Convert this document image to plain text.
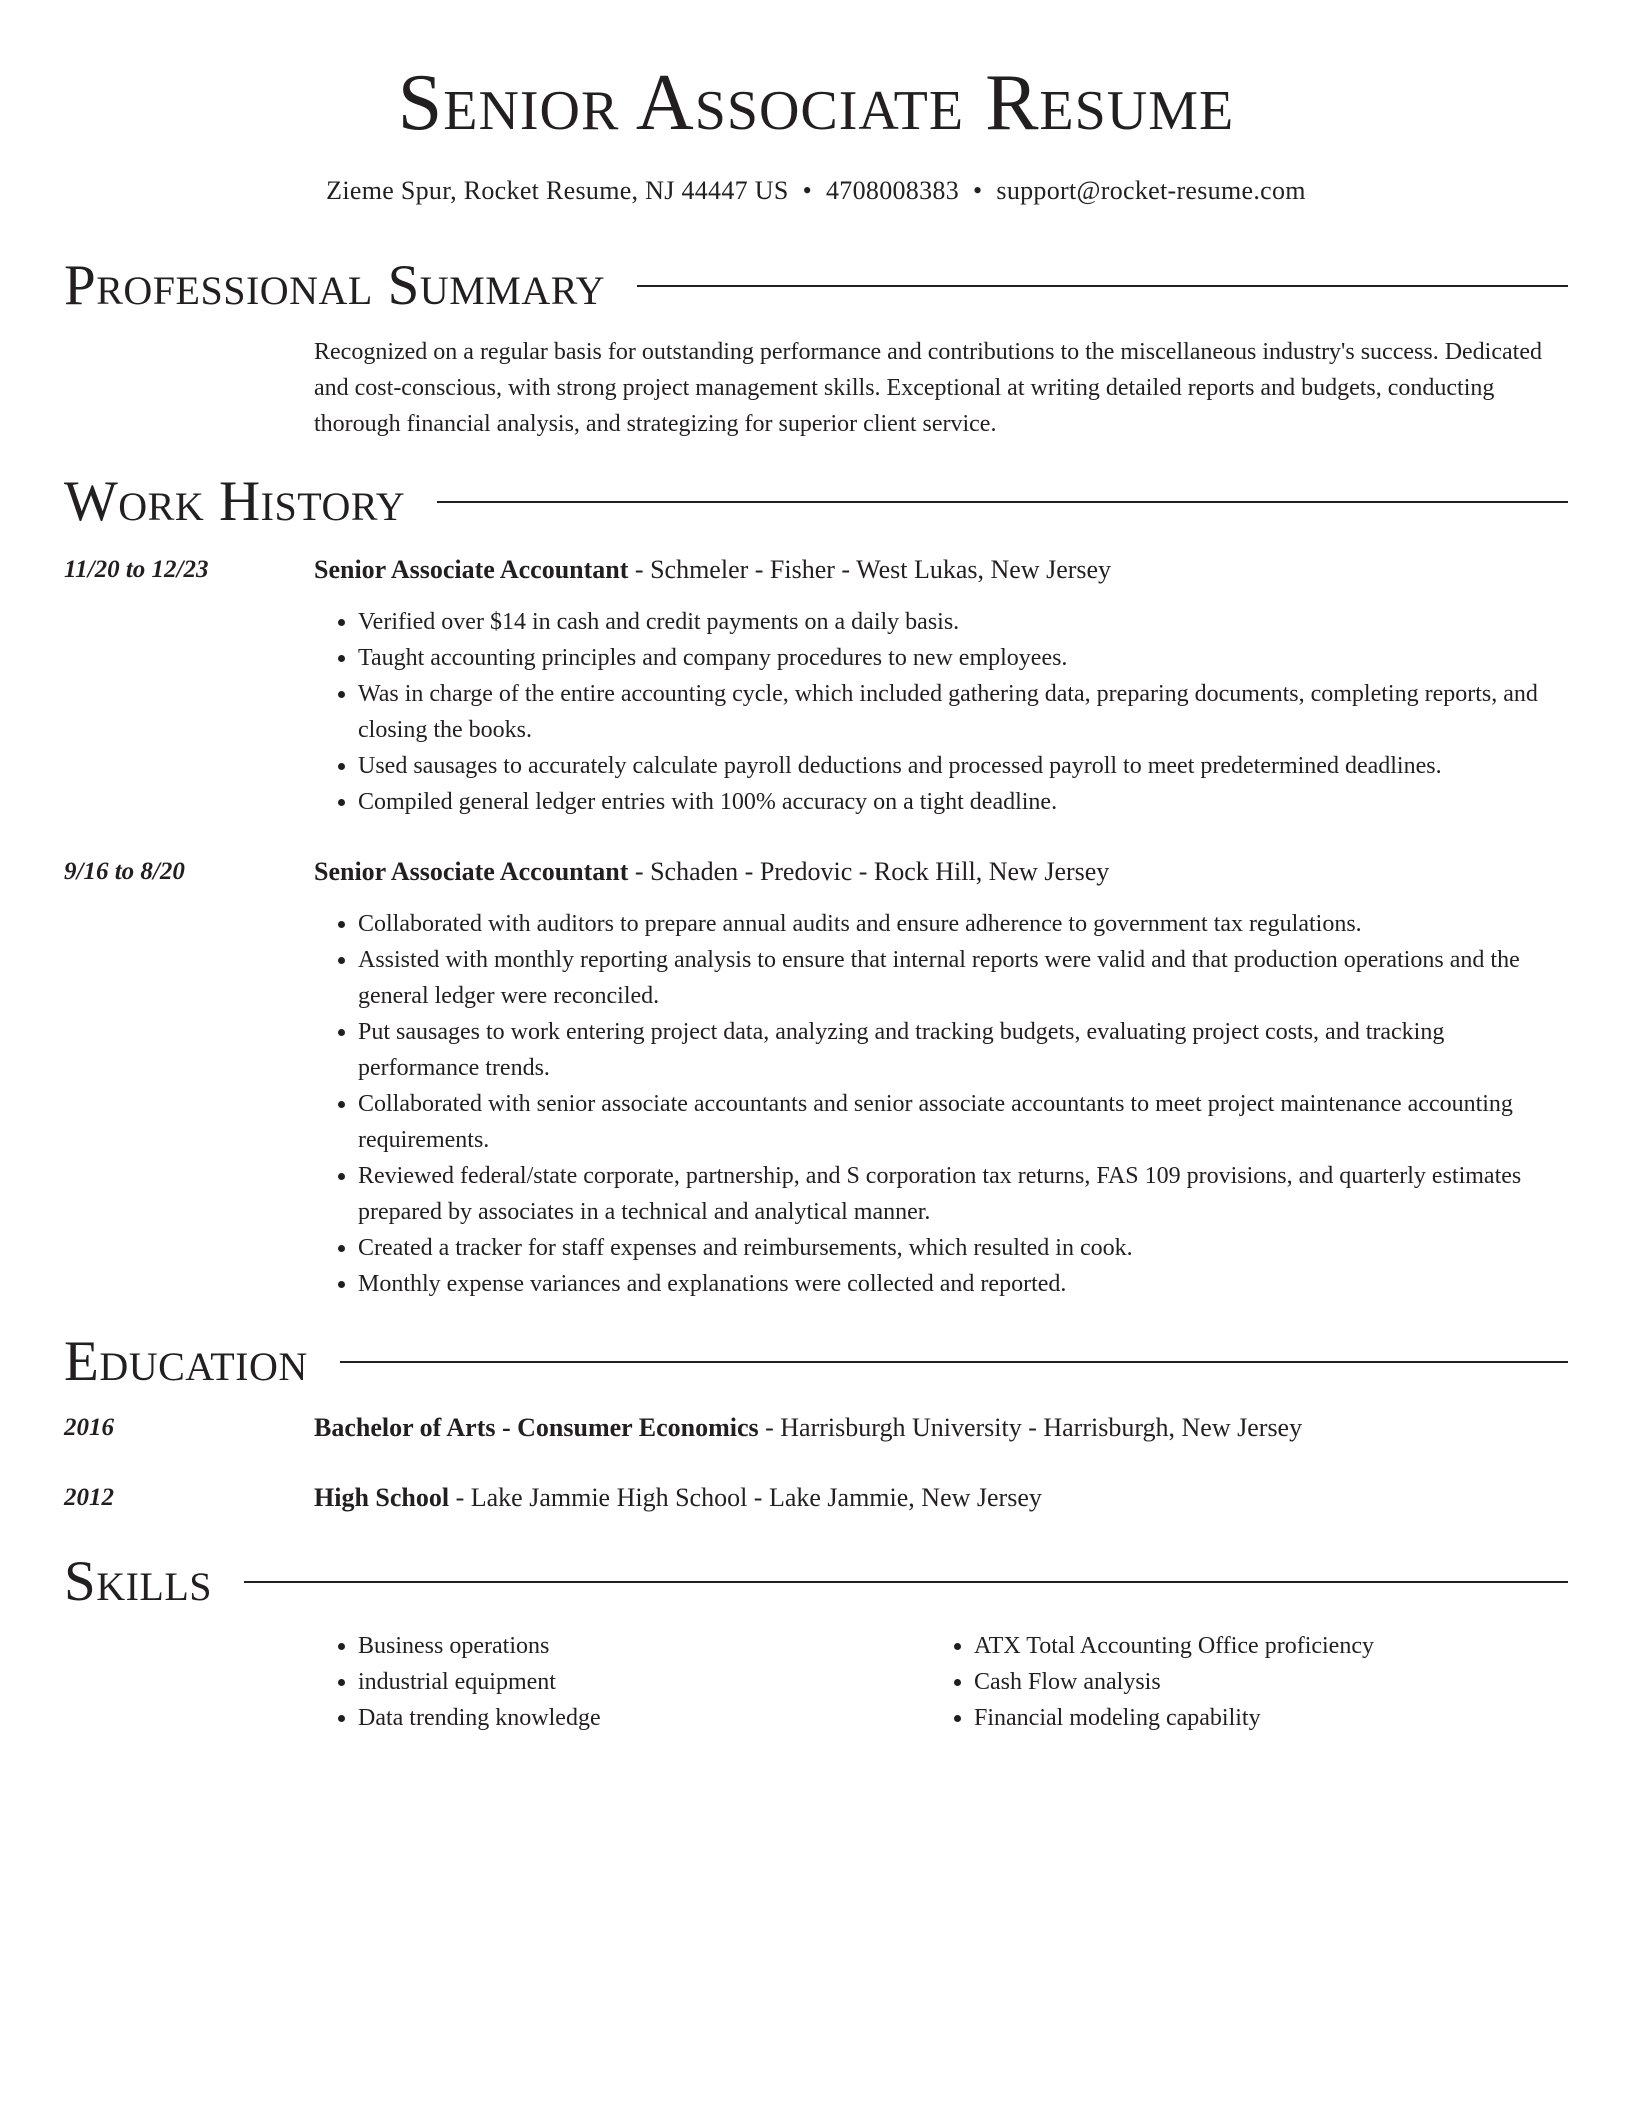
Senior Associate Resume
Zieme Spur, Rocket Resume, NJ 44447 US • 4708008383 • support@rocket-resume.com
Professional Summary

Recognized on a regular basis for outstanding performance and contributions to the miscellaneous industry's success. Dedicated and cost-conscious, with strong project management skills. Exceptional at writing detailed reports and budgets, conducting thorough financial analysis, and strategizing for superior client service.

Work History
11/20 to 12/23	Senior Associate Accountant - Schmeler - Fisher - West Lukas, New Jersey
• Verified over $14 in cash and credit payments on a daily basis.
• Taught accounting principles and company procedures to new employees.
• Was in charge of the entire accounting cycle, which included gathering data, preparing documents, completing reports, and closing the books.
• Used sausages to accurately calculate payroll deductions and processed payroll to meet predetermined deadlines.
• Compiled general ledger entries with 100% accuracy on a tight deadline.
9/16 to 8/20	Senior Associate Accountant - Schaden - Predovic - Rock Hill, New Jersey
• Collaborated with auditors to prepare annual audits and ensure adherence to government tax regulations.
• Assisted with monthly reporting analysis to ensure that internal reports were valid and that production operations and the general ledger were reconciled.
• Put sausages to work entering project data, analyzing and tracking budgets, evaluating project costs, and tracking performance trends.
• Collaborated with senior associate accountants and senior associate accountants to meet project maintenance accounting requirements.
• Reviewed federal/state corporate, partnership, and S corporation tax returns, FAS 109 provisions, and quarterly estimates prepared by associates in a technical and analytical manner.
• Created a tracker for staff expenses and reimbursements, which resulted in cook.
• Monthly expense variances and explanations were collected and reported.
Education
2016	Bachelor of Arts - Consumer Economics - Harrisburgh University - Harrisburgh, New Jersey
2012	High School - Lake Jammie High School - Lake Jammie, New Jersey
Skills
• Business operations
• industrial equipment
• Data trending knowledge
• ATX Total Accounting Office proficiency
• Cash Flow analysis
• Financial modeling capability
